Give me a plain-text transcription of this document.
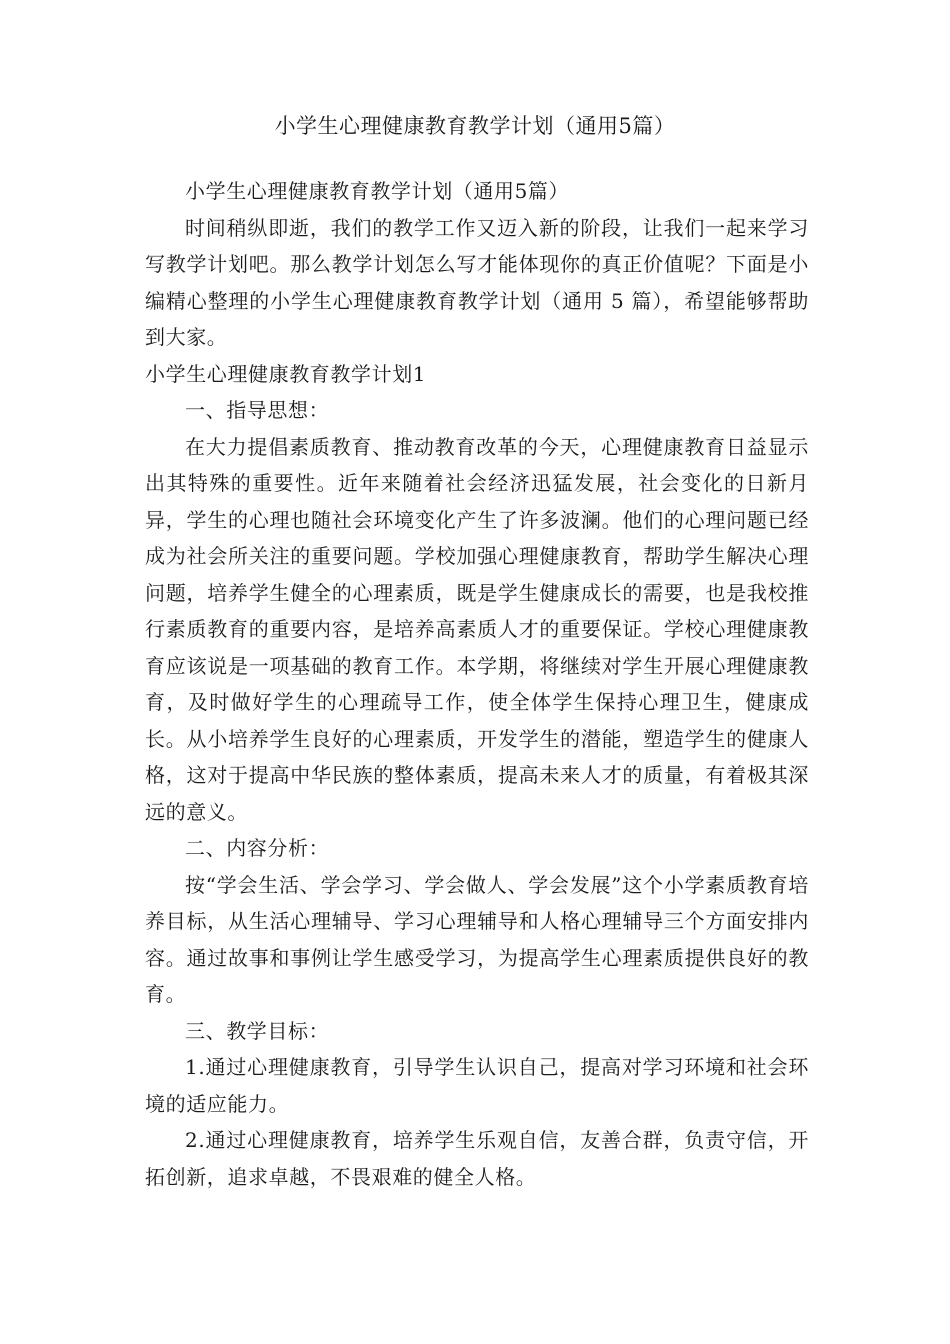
小学生心理健康教育教学计划（通用5篇）

小学生心理健康教育教学计划（通用5篇）

时间稍纵即逝，我们的教学工作又迈入新的阶段，让我们一起来学习写教学计划吧。那么教学计划怎么写才能体现你的真正价值呢？下面是小编精心整理的小学生心理健康教育教学计划（通用 5 篇），希望能够帮助到大家。

小学生心理健康教育教学计划1

一、指导思想：

在大力提倡素质教育、推动教育改革的今天，心理健康教育日益显示出其特殊的重要性。近年来随着社会经济迅猛发展，社会变化的日新月异，学生的心理也随社会环境变化产生了许多波澜。他们的心理问题已经成为社会所关注的重要问题。学校加强心理健康教育，帮助学生解决心理问题，培养学生健全的心理素质，既是学生健康成长的需要，也是我校推行素质教育的重要内容，是培养高素质人才的重要保证。学校心理健康教育应该说是一项基础的教育工作。本学期，将继续对学生开展心理健康教育，及时做好学生的心理疏导工作，使全体学生保持心理卫生，健康成长。从小培养学生良好的心理素质，开发学生的潜能，塑造学生的健康人格，这对于提高中华民族的整体素质，提高未来人才的质量，有着极其深远的意义。

二、内容分析：

按“学会生活、学会学习、学会做人、学会发展”这个小学素质教育培养目标，从生活心理辅导、学习心理辅导和人格心理辅导三个方面安排内容。通过故事和事例让学生感受学习，为提高学生心理素质提供良好的教育。

三、教学目标：

1.通过心理健康教育，引导学生认识自己，提高对学习环境和社会环境的适应能力。

2.通过心理健康教育，培养学生乐观自信，友善合群，负责守信，开拓创新，追求卓越，不畏艰难的健全人格。
